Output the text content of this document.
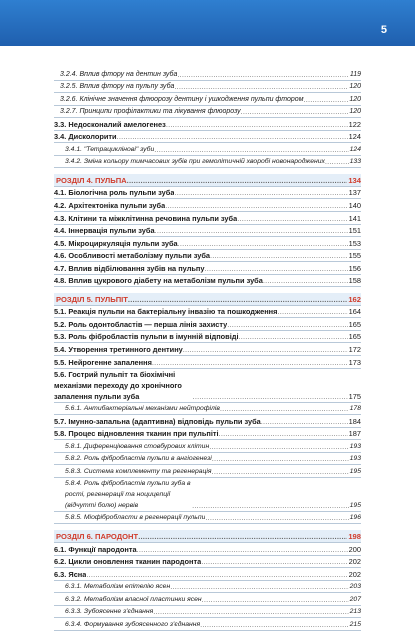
5
3.2.4. Вплив фтору на дентин зуба .....	119
3.2.5. Вплив фтору на пульпу зуба .....	120
3.2.6. Клінічне значення флюорозу дентину і ушкодження пульпи фтором .....	120
3.2.7. Принципи профілактики та лікування флюорозу .....	120
3.3. Недосконалий амелогенез .....	122
3.4. Дисколорити .....	124
3.4.1. "Тетрациклінові" зуби .....	124
3.4.2. Зміна кольору тимчасових зубів при гемолітичній хворобі новонароджених .....	133
РОЗДІЛ 4. ПУЛЬПА .....	134
4.1. Біологічна роль пульпи зуба .....	137
4.2. Архітектоніка пульпи зуба .....	140
4.3. Клітини та міжклітинна речовина пульпи зуба .....	141
4.4. Іннервація пульпи зуба .....	151
4.5. Мікроциркуляція пульпи зуба .....	153
4.6. Особливості метаболізму пульпи зуба .....	155
4.7. Вплив відбілювання зубів на пульпу .....	156
4.8. Вплив цукрового діабету на метаболізм пульпи зуба .....	158
РОЗДІЛ 5. ПУЛЬПІТ .....	162
5.1. Реакція пульпи на бактеріальну інвазію та пошкодження .....	164
5.2. Роль одонтобластів — перша лінія захисту .....	165
5.3. Роль фібробластів пульпи в імунній відповіді .....	165
5.4. Утворення третинного дентину .....	172
5.5. Нейрогенне запалення .....	173
5.6. Гострий пульпіт та біохімічні механізми переходу до хронічного запалення пульпи зуба .....	175
5.6.1. Антибактеріальні механізми нейтрофілів .....	178
5.7. Імунно-запальна (адаптивна) відповідь пульпи зуба .....	184
5.8. Процес відновлення тканин при пульпіті .....	187
5.8.1. Диференціювання стовбурових клітин .....	193
5.8.2. Роль фібробластів пульпи в ангіогенезі .....	193
5.8.3. Система комплементу та регенерація .....	195
5.8.4. Роль фібробластів пульпи зуба в рості, регенерації та ноцицепції (відчутті болю) нервів .....	195
5.8.5. Міофібробласти в регенерації пульпи .....	196
РОЗДІЛ 6. ПАРОДОНТ .....	198
6.1. Функції пародонта .....	200
6.2. Цикли оновлення тканин пародонта .....	202
6.3. Ясна .....	202
6.3.1. Метаболізм епітелію ясен .....	203
6.3.2. Метаболізм власної пластинки ясен .....	207
6.3.3. Зубоясенне з'єднання .....	213
6.3.4. Формування зубоясенного з'єднання .....	215
